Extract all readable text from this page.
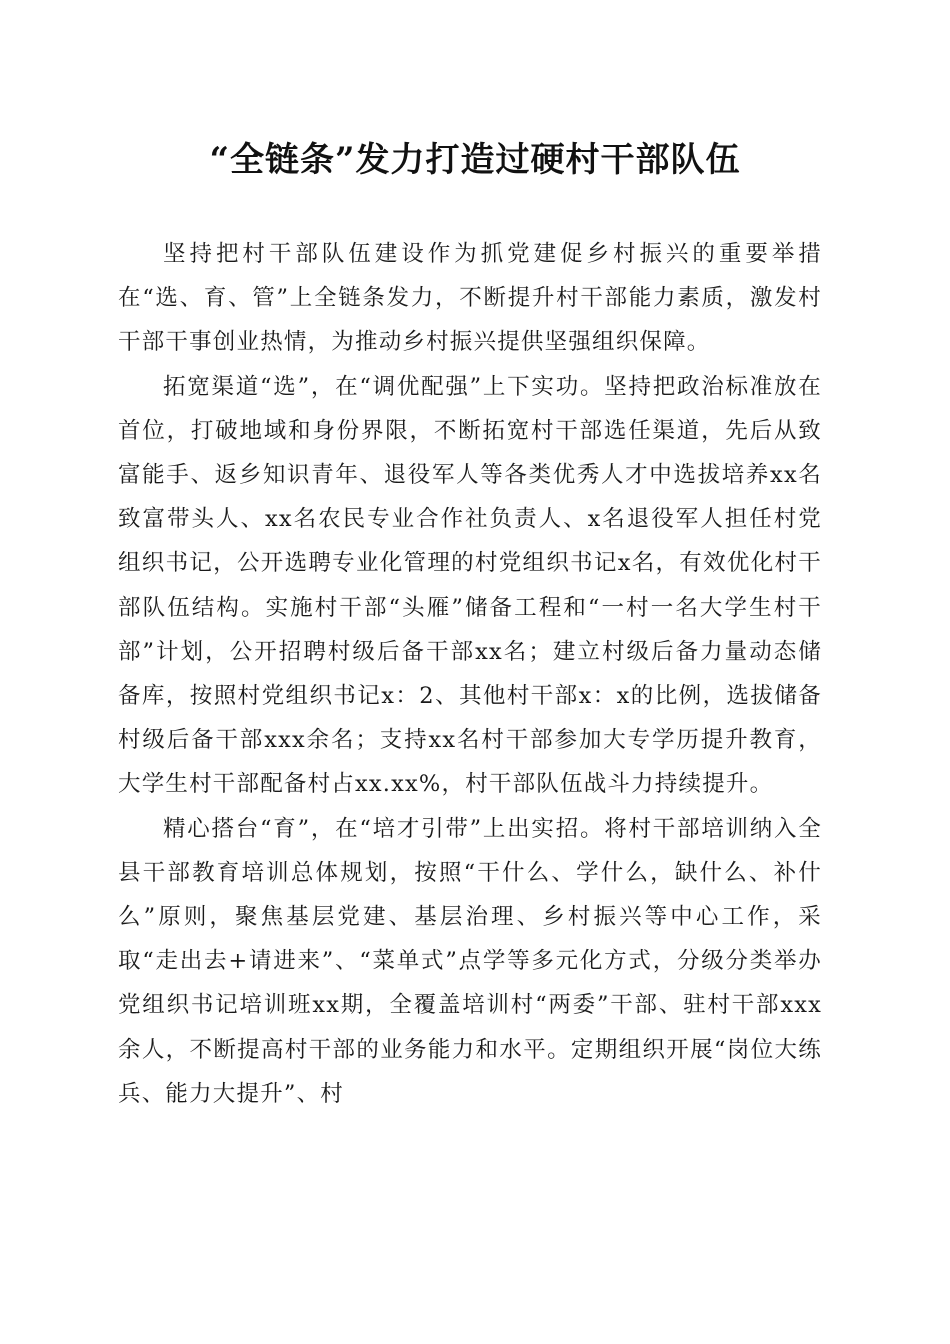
“全链条”发力打造过硬村干部队伍

坚持把村干部队伍建设作为抓党建促乡村振兴的重要举措在“选、育、管”上全链条发力，不断提升村干部能力素质，激发村干部干事创业热情，为推动乡村振兴提供坚强组织保障。

拓宽渠道“选”，在“调优配强”上下实功。坚持把政治标准放在首位，打破地域和身份界限，不断拓宽村干部选任渠道，先后从致富能手、返乡知识青年、退役军人等各类优秀人才中选拔培养xx名致富带头人、xx名农民专业合作社负责人、x名退役军人担任村党组织书记，公开选聘专业化管理的村党组织书记x名，有效优化村干部队伍结构。实施村干部“头雁”储备工程和“一村一名大学生村干部”计划，公开招聘村级后备干部xx名；建立村级后备力量动态储备库，按照村党组织书记x：2、其他村干部x：x的比例，选拔储备村级后备干部xxx余名；支持xx名村干部参加大专学历提升教育，大学生村干部配备村占xx.xx%，村干部队伍战斗力持续提升。

精心搭台“育”，在“培才引带”上出实招。将村干部培训纳入全县干部教育培训总体规划，按照“干什么、学什么，缺什么、补什么”原则，聚焦基层党建、基层治理、乡村振兴等中心工作，采取“走出去+请进来”、“菜单式”点学等多元化方式，分级分类举办党组织书记培训班xx期，全覆盖培训村“两委”干部、驻村干部xxx余人，不断提高村干部的业务能力和水平。定期组织开展“岗位大练兵、能力大提升”、村
